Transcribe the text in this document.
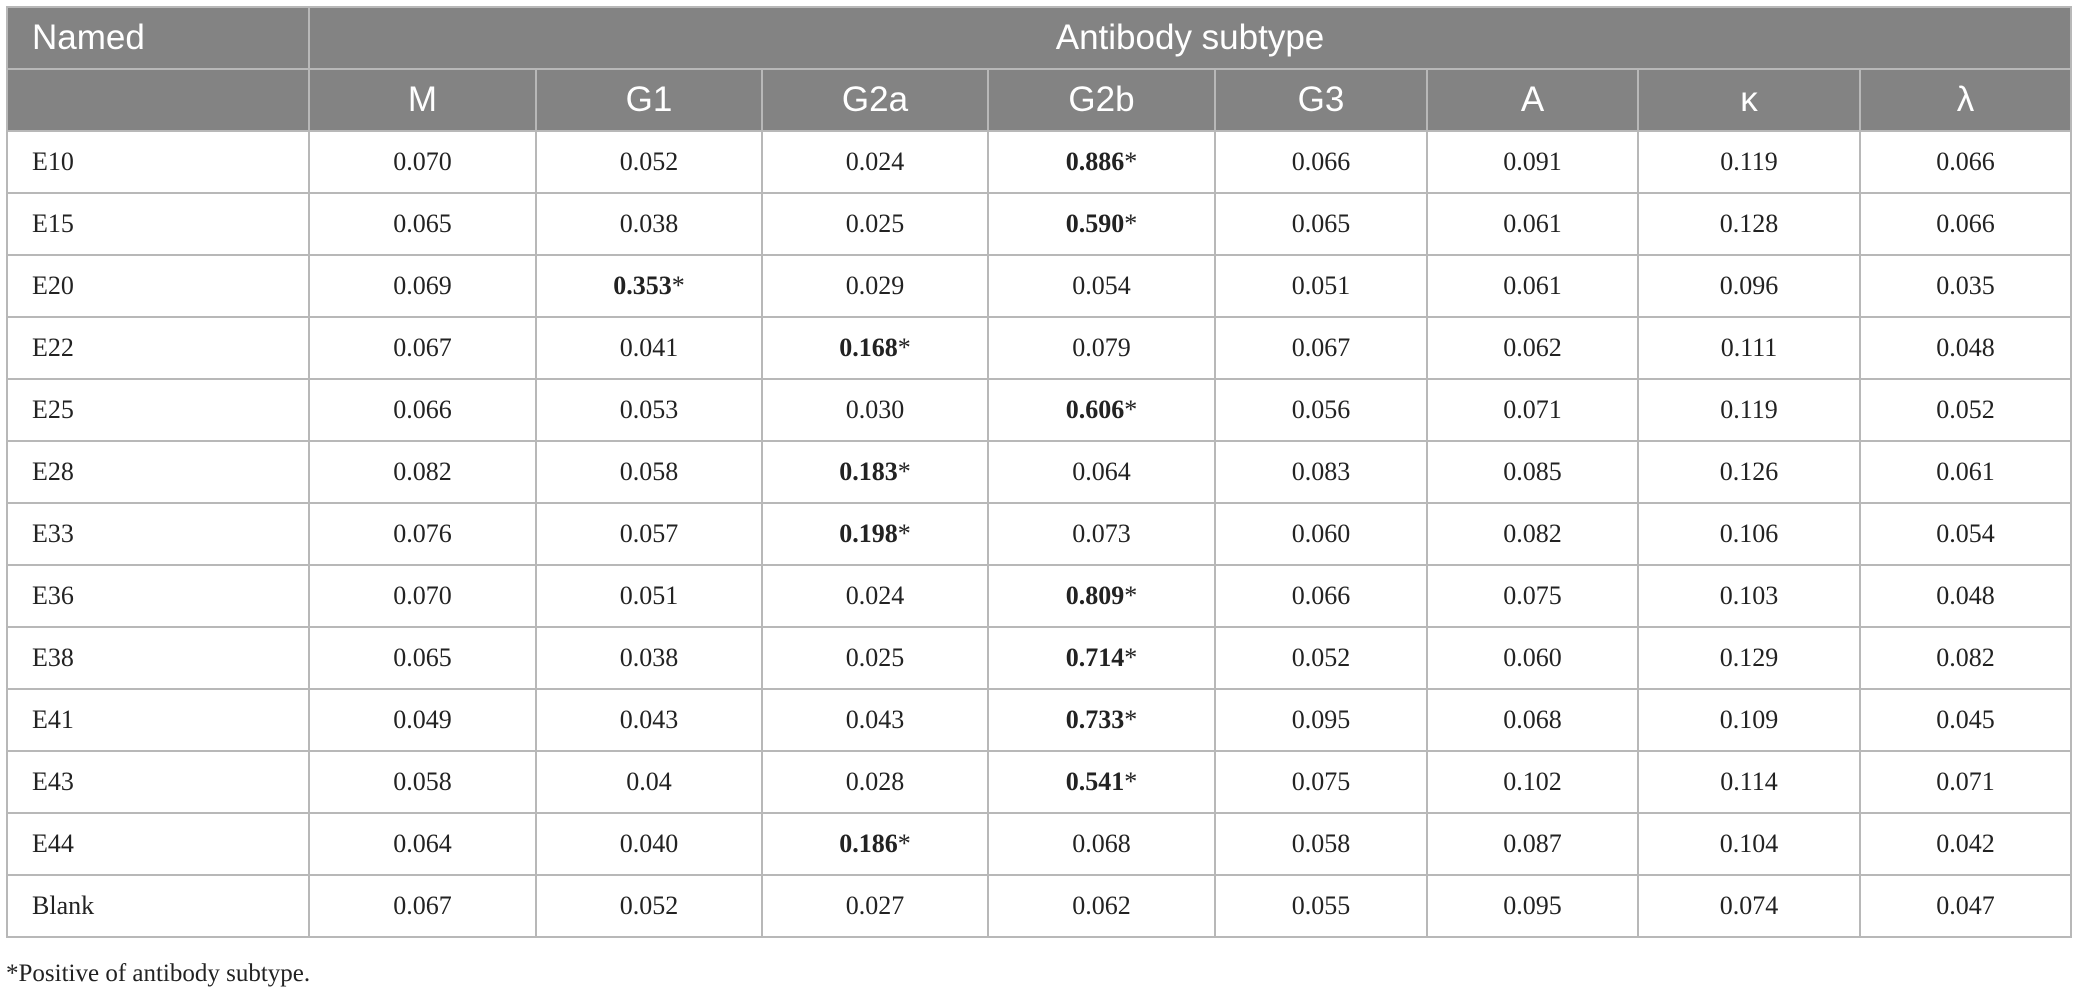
Named	Antibody subtype							
	M	G1	G2a	G2b	G3	A	κ	λ
E10	0.070	0.052	0.024	0.886*	0.066	0.091	0.119	0.066
E15	0.065	0.038	0.025	0.590*	0.065	0.061	0.128	0.066
E20	0.069	0.353*	0.029	0.054	0.051	0.061	0.096	0.035
E22	0.067	0.041	0.168*	0.079	0.067	0.062	0.111	0.048
E25	0.066	0.053	0.030	0.606*	0.056	0.071	0.119	0.052
E28	0.082	0.058	0.183*	0.064	0.083	0.085	0.126	0.061
E33	0.076	0.057	0.198*	0.073	0.060	0.082	0.106	0.054
E36	0.070	0.051	0.024	0.809*	0.066	0.075	0.103	0.048
E38	0.065	0.038	0.025	0.714*	0.052	0.060	0.129	0.082
E41	0.049	0.043	0.043	0.733*	0.095	0.068	0.109	0.045
E43	0.058	0.04	0.028	0.541*	0.075	0.102	0.114	0.071
E44	0.064	0.040	0.186*	0.068	0.058	0.087	0.104	0.042
Blank	0.067	0.052	0.027	0.062	0.055	0.095	0.074	0.047
*Positive of antibody subtype.
